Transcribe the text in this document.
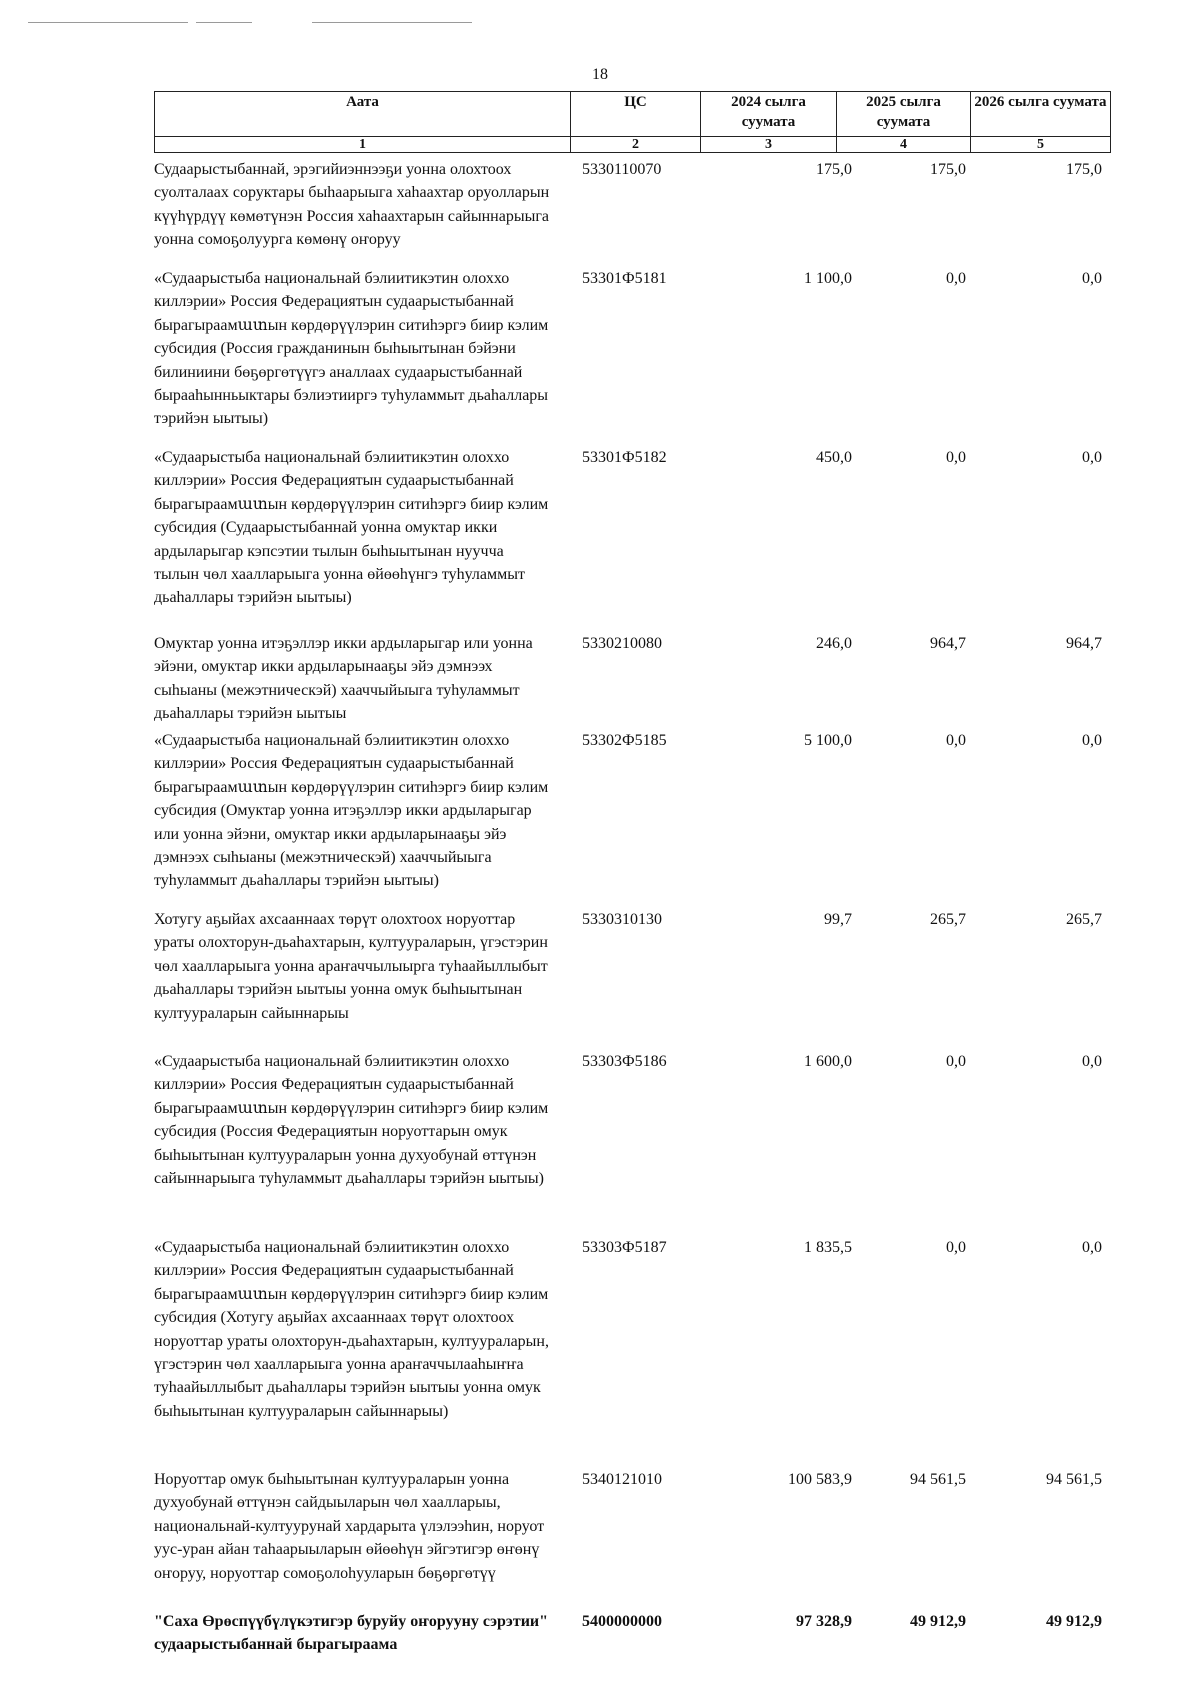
18
Аата	ЦС	2024 сылга суумата	2025 сылга суумата	2026 сылга суумата
1	2	3	4	5
Судаарыстыбаннай, эрэгийиэннээҕи уонна олохтоох суолталаах соруктары быһаарыыга хаһаахтар оруолларын күүһүрдүү көмөтүнэн Россия хаһаахтарын сайыннарыыга уонна сомоҕолуурга көмөнү оҥоруу
5330110070	175,0	175,0	175,0
«Судаарыстыба национальнай бэлиитикэтин олоххо киллэрии» Россия Федерациятын судаарыстыбаннай бырагыраамատын көрдөрүүлэрин ситиһэргэ биир кэлим субсидия (Россия гражданинын быһыытынан бэйэни билиниини бөҕөргөтүүгэ аналлаах судаарыстыбаннай бырааһынньыктары бэлиэтииргэ туһуламмыт дьаһаллары тэрийэн ыытыы)
53301Ф5181	1 100,0	0,0	0,0
«Судаарыстыба национальнай бэлиитикэтин олоххо киллэрии» Россия Федерациятын судаарыстыбаннай бырагыраамատын көрдөрүүлэрин ситиһэргэ биир кэлим субсидия (Судаарыстыбаннай уонна омуктар икки ардыларыгар кэпсэтии тылын быһыытынан нуучча тылын чөл хааллaрыыга уонна өйөөһүнгэ туһуламмыт дьаһаллары тэрийэн ыытыы)
53301Ф5182	450,0	0,0	0,0
Омуктар уонна итэҕэллэр икки ардыларыгар или уонна эйэни, омуктар икки ардыларынааҕы эйэ дэмнээх сыһыаны (межэтническэй) хааччыйыыга туһуламмыт дьаһаллары тэрийэн ыытыы
5330210080	246,0	964,7	964,7
«Судаарыстыба национальнай бэлиитикэтин олоххо киллэрии» Россия Федерациятын судаарыстыбаннай бырагыраамատын көрдөрүүлэрин ситиһэргэ биир кэлим субсидия (Омуктар уонна итэҕэллэр икки ардыларыгар или уонна эйэни, омуктар икки ардыларынааҕы эйэ дэмнээх сыһыаны (межэтническэй) хааччыйыыга туһуламмыт дьаһаллары тэрийэн ыытыы)
53302Ф5185	5 100,0	0,0	0,0
Хотугу аҕыйах ахсааннаах төрүт олохтоох норуоттар ураты олохторун-дьаһахтарын, култуураларын, үгэстэрин чөл хааллaрыыга уонна араҥаччылыырга туһаайыллыбыт дьаһаллары тэрийэн ыытыы уонна омук быһыытынан култуураларын сайыннарыы
5330310130	99,7	265,7	265,7
«Судаарыстыба национальнай бэлиитикэтин олоххо киллэрии» Россия Федерациятын судаарыстыбаннай бырагыраамատын көрдөрүүлэрин ситиһэргэ биир кэлим субсидия (Россия Федерациятын норуоттарын омук быһыытынан култуураларын уонна духуобунай өттүнэн сайыннарыыга туһуламмыт дьаһаллары тэрийэн ыытыы)
53303Ф5186	1 600,0	0,0	0,0
«Судаарыстыба национальнай бэлиитикэтин олоххо киллэрии» Россия Федерациятын судаарыстыбаннай бырагыраамատын көрдөрүүлэрин ситиһэргэ биир кэлим субсидия (Хотугу аҕыйах ахсааннаах төрүт олохтоох норуоттар ураты олохторун-дьаһахтарын, култуураларын, үгэстэрин чөл хааллaрыыга уонна араҥаччылааһыҥҥа туһаайыллыбыт дьаһаллары тэрийэн ыытыы уонна омук быһыытынан култуураларын сайыннарыы)
53303Ф5187	1 835,5	0,0	0,0
Норуоттар омук быһыытынан култуураларын уонна духуобунай өттүнэн сайдыыларын чөл хааллaрыы, национальнай-култуурунай хардарыта үлэлээһин, норуот уус-уран айан таһаарыыларын өйөөһүн эйгэтигэр өҥөнү оҥоруу, норуоттар сомоҕолоһууларын бөҕөргөтүү
5340121010	100 583,9	94 561,5	94 561,5
"Саха Өрөспүүбүлүкэтигэр буруйу оҥорууну сэрэтии" судаарыстыбаннай бырагыраама
5400000000	97 328,9	49 912,9	49 912,9
